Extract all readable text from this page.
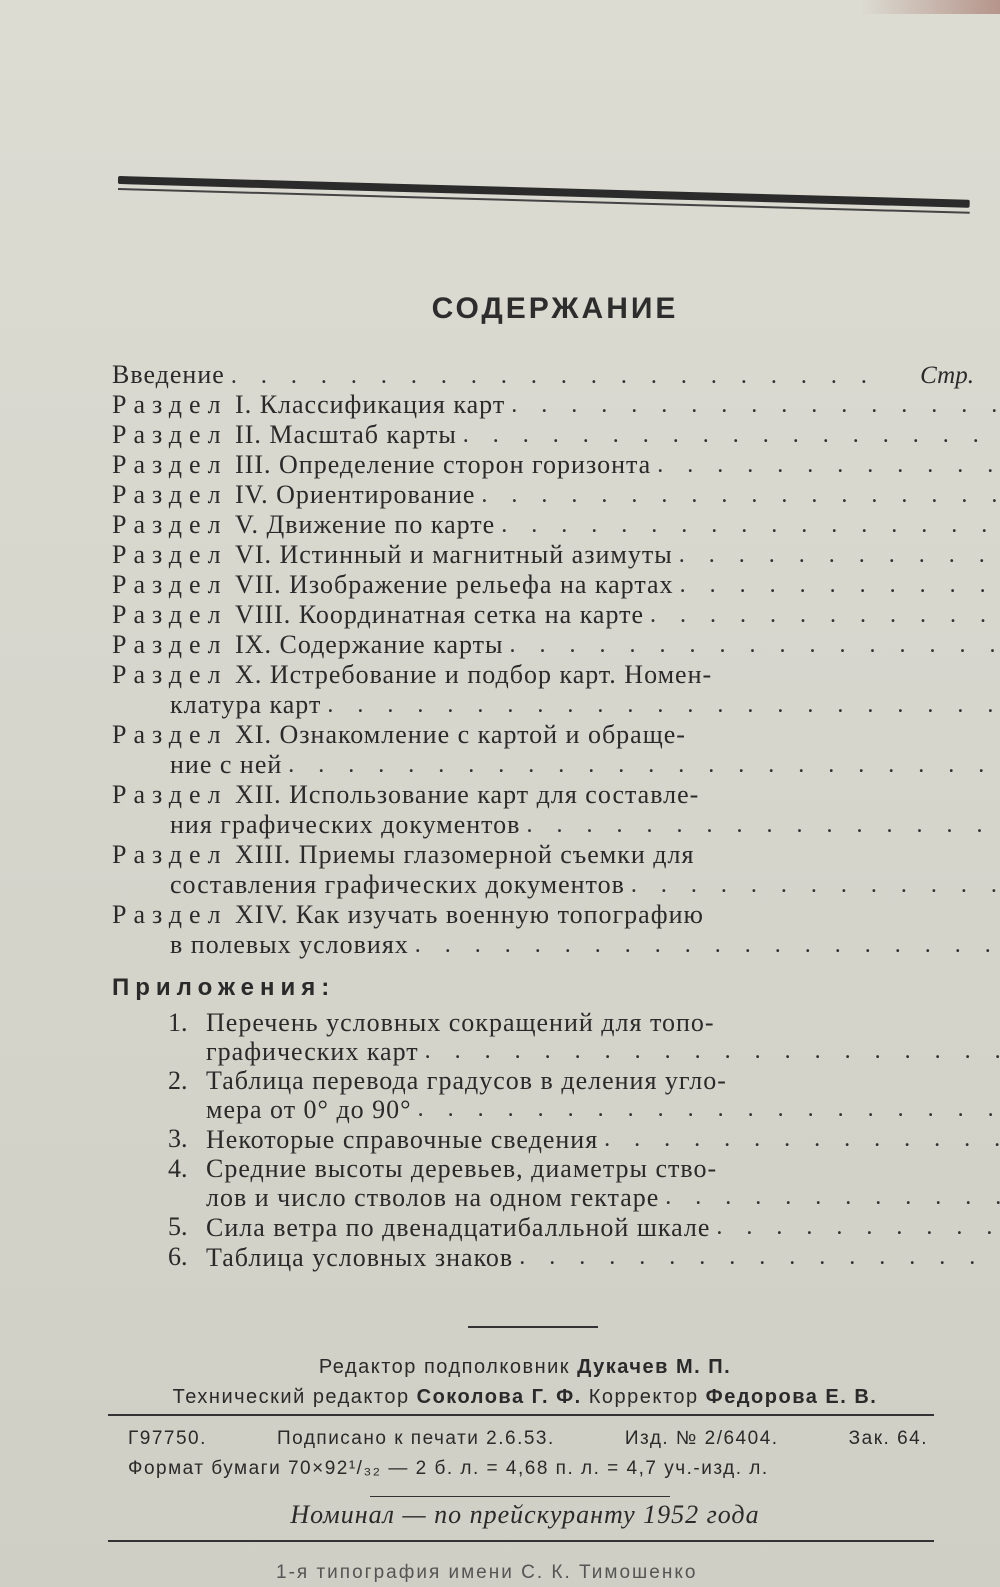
СОДЕРЖАНИЕ
Введение
. . .	Стр.
Раздел
I. Классификация карт
. . .
Раздел
II. Масштаб карты
. . .
Раздел
III. Определение сторон горизонта
. . .
Раздел
IV. Ориентирование
. . .
Раздел
V. Движение по карте
. . .
Раздел
VI. Истинный и магнитный азимуты
. . .
Раздел
VII. Изображение рельефа на картах
. . .
Раздел
VIII. Координатная сетка на карте
. . .
Раздел
IX. Содержание карты
. . .
Раздел
X. Истребование и подбор карт. Номен-
клатура карт
. . .
Раздел
XI. Ознакомление с картой и обраще-
ние с ней
. . .
Раздел
XII. Использование карт для составле-
ния графических документов
. . .
Раздел
XIII. Приемы глазомерной съемки для
составления графических документов
. . .
Раздел
XIV. Как изучать военную топографию
в полевых условиях
. . .
Приложения:
1. Перечень условных сокращений для топо-
графических карт
. . .
2. Таблица перевода градусов в деления угло-
мера от 0° до 90°
. . .
3. Некоторые справочные сведения
. . .
4. Средние высоты деревьев, диаметры ство-
лов и число стволов на одном гектаре
. . .
5. Сила ветра по двенадцатибалльной шкале
. . .
6. Таблица условных знаков
. . .
Редактор подполковник Дукачев М. П.
Технический редактор Соколова Г. Ф. Корректор Федорова Е. В.
Г97750.	Подписано к печати 2.6.53.	Изд. № 2/6404.	Зак. 64.
Формат бумаги 70×92¹/₃₂ — 2 б. л. = 4,68 п. л. = 4,7 уч.-изд. л.
Номинал — по прейскуранту 1952 года
1-я типография имени С. К. Тимошенко
